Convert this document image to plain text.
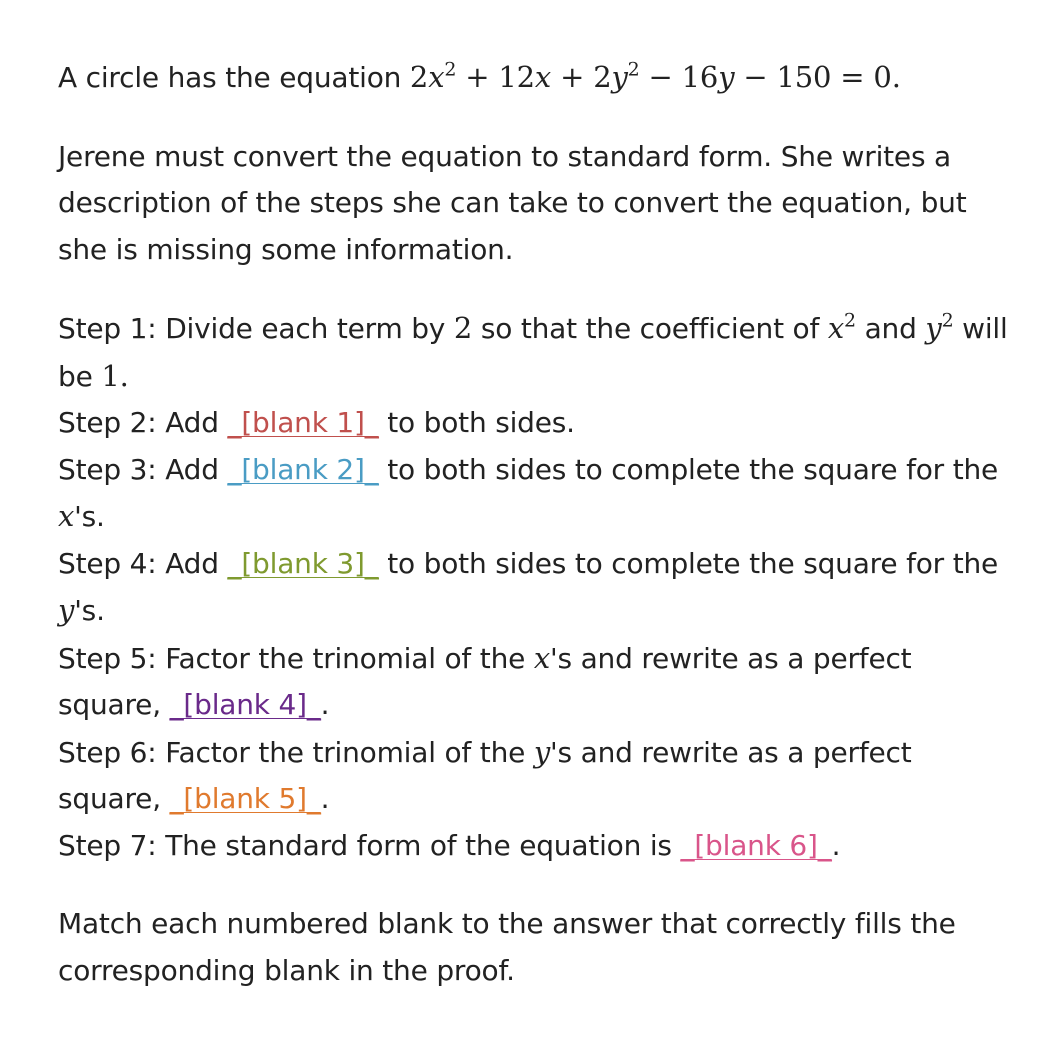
A circle has the equation $2x^2 + 12x + 2y^2 - 16y - 150 = 0$.

Jerene must convert the equation to standard form. She writes a description of the steps she can take to convert the equation, but she is missing some information.

Step 1: Divide each term by 2 so that the coefficient of $x^2$ and $y^2$ will be 1.

Step 2: Add _[blank 1]_ to both sides.

Step 3: Add _[blank 2]_ to both sides to complete the square for the x's.

Step 4: Add _[blank 3]_ to both sides to complete the square for the y's.

Step 5: Factor the trinomial of the x's and rewrite as a perfect square, _[blank 4]_.

Step 6: Factor the trinomial of the y's and rewrite as a perfect square, _[blank 5]_.

Step 7: The standard form of the equation is _[blank 6]_.

Match each numbered blank to the answer that correctly fills the corresponding blank in the proof.
